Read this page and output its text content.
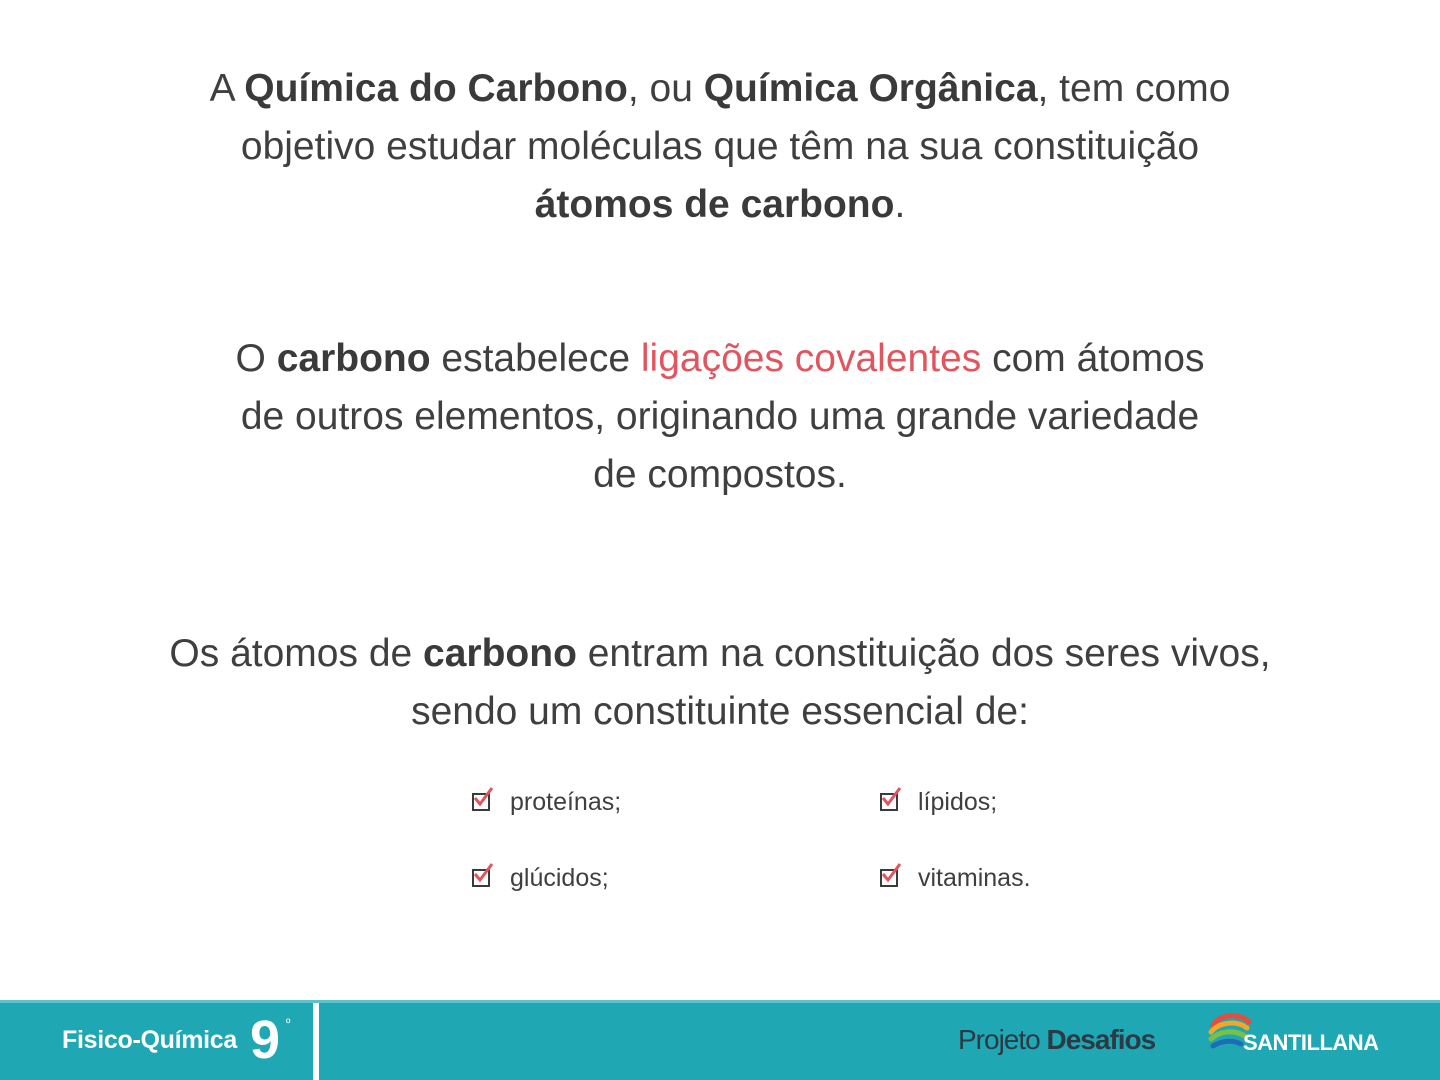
A Química do Carbono, ou Química Orgânica, tem como
objetivo estudar moléculas que têm na sua constituição
átomos de carbono.

O carbono estabelece ligações covalentes com átomos
de outros elementos, originando uma grande variedade
de compostos.

Os átomos de carbono entram na constituição dos seres vivos,
sendo um constituinte essencial de:

proteínas;	lípidos;
glúcidos;	vitaminas.
Fisico-Química 9 º
Projeto Desafios	SANTILLANA
